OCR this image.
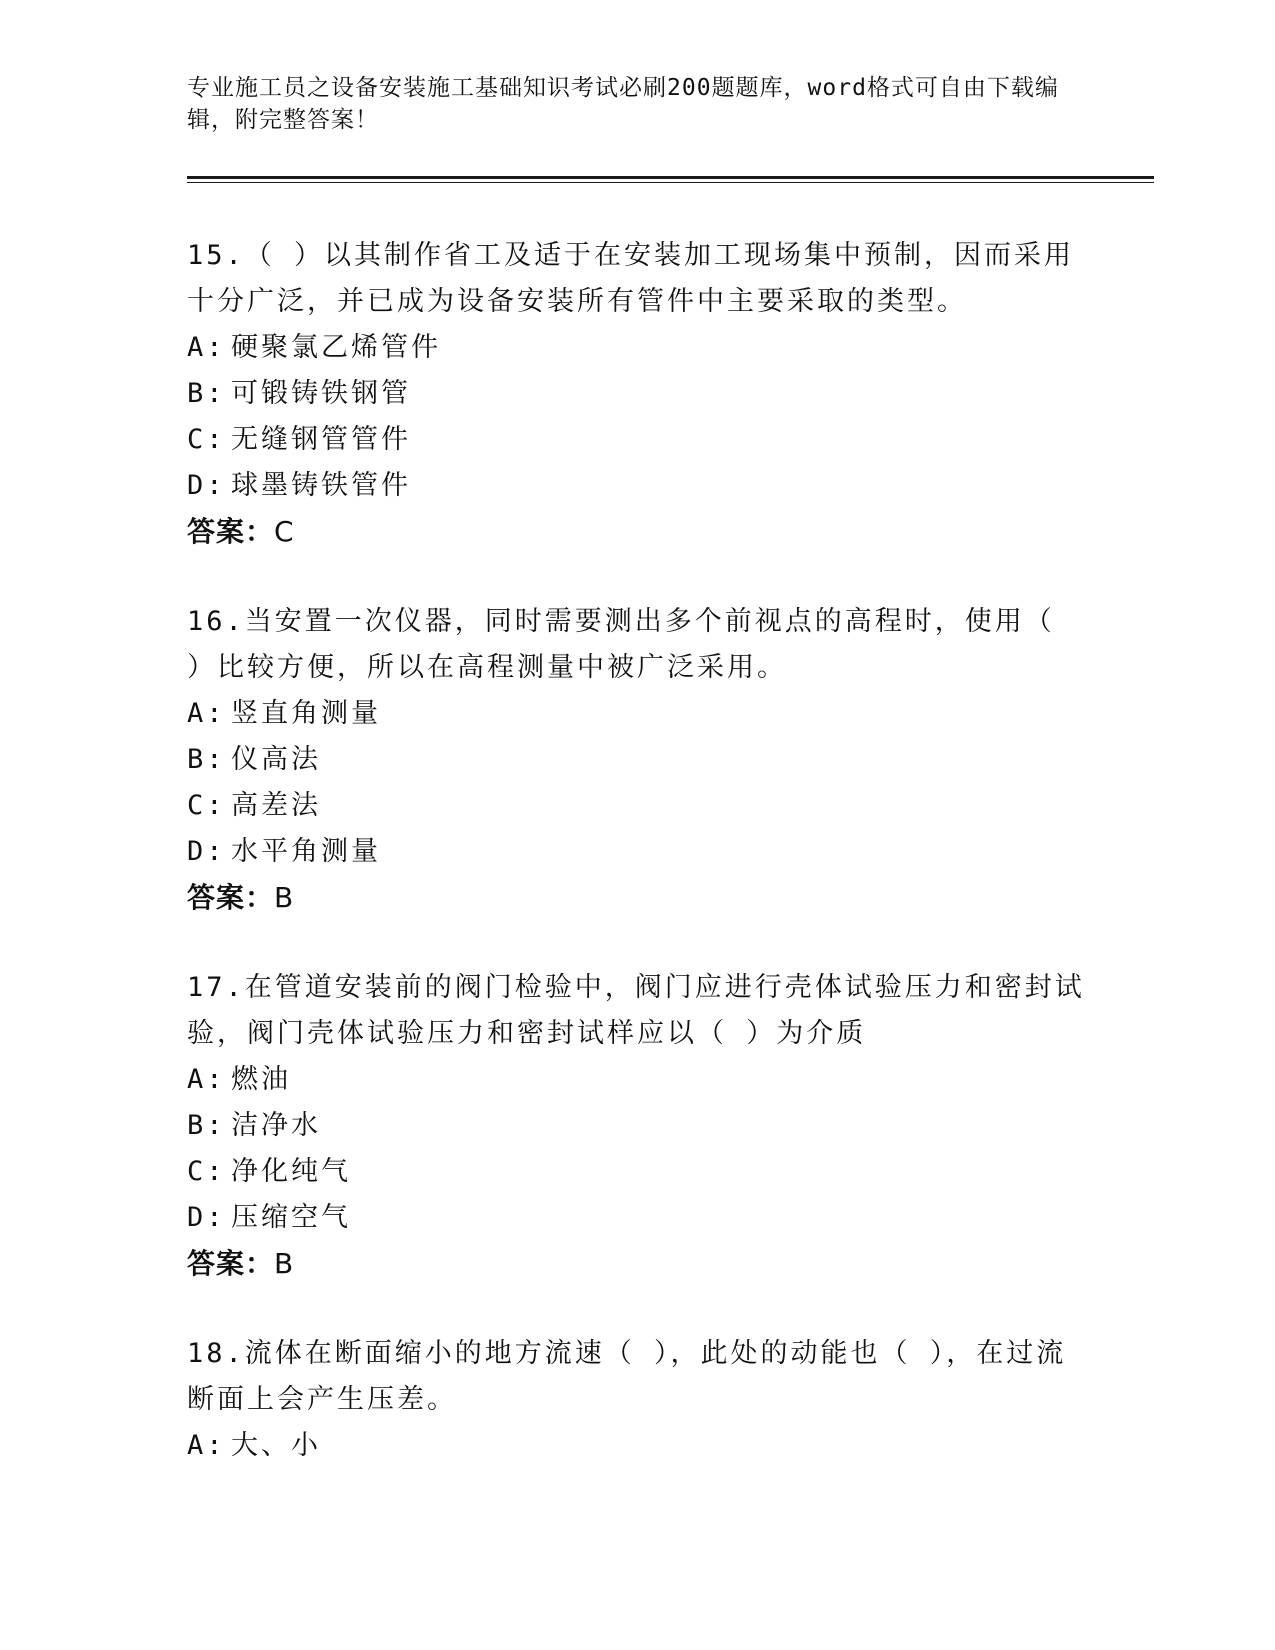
专业施工员之设备安装施工基础知识考试必刷200题题库，word格式可自由下载编辑，附完整答案！

15.（ ）以其制作省工及适于在安装加工现场集中预制，因而采用十分广泛，并已成为设备安装所有管件中主要采取的类型。

A: 硬聚氯乙烯管件
B: 可锻铸铁钢管
C: 无缝钢管管件
D: 球墨铸铁管件

答案：C

16.当安置一次仪器，同时需要测出多个前视点的高程时，使用（ ）比较方便，所以在高程测量中被广泛采用。

A: 竖直角测量
B: 仪高法
C: 高差法
D: 水平角测量

答案：B

17.在管道安装前的阀门检验中，阀门应进行壳体试验压力和密封试验，阀门壳体试验压力和密封试样应以（ ）为介质

A: 燃油
B: 洁净水
C: 净化纯气
D: 压缩空气

答案：B

18.流体在断面缩小的地方流速（ ），此处的动能也（ ），在过流断面上会产生压差。

A: 大、小
